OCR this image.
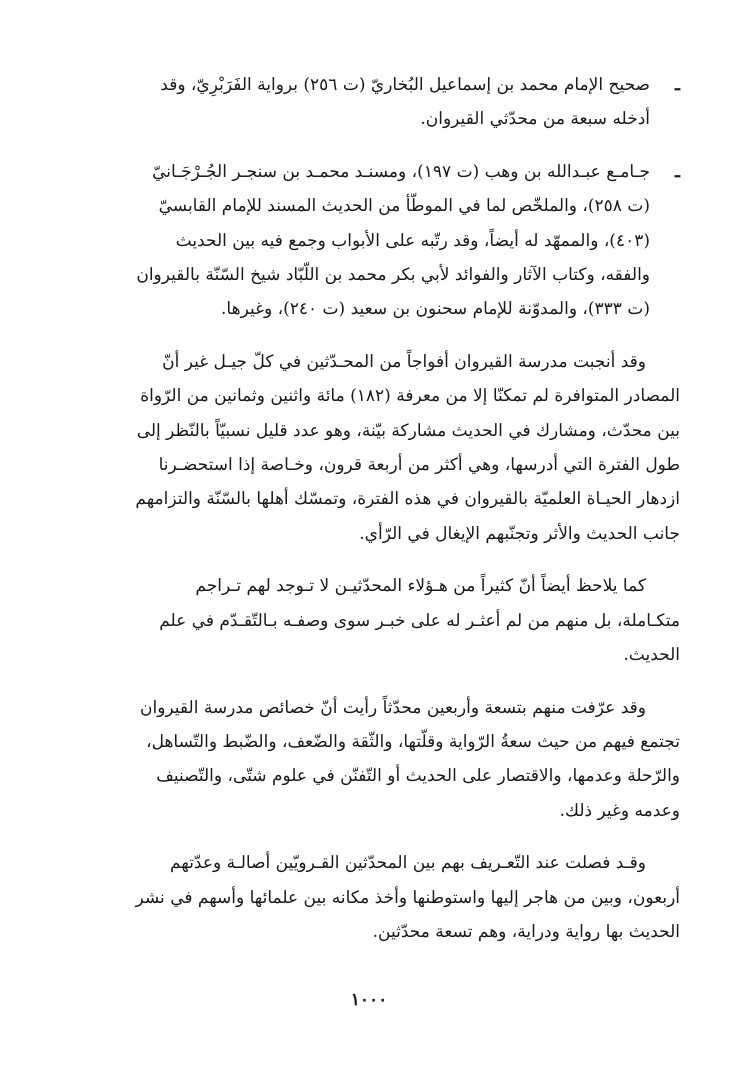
ـ
صحيح الإمام محمد بن إسماعيل البُخاريّ (ت ٢٥٦) برواية الفَرَبْرِيّ، وقد
أدخله سبعة من محدّثي القيروان.
ـ
جـامـع عبـدالله بن وهب (ت ١٩٧)، ومسنـد محمـد بن سنجـر الجُـرْجَـانيّ
(ت ٢٥٨)، والملخّص لما في الموطّأ من الحديث المسند للإمام القابسيّ
(٤٠٣)، والممهّد له أيضاً، وقد رتّبه على الأبواب وجمع فيه بين الحديث
والفقه، وكتاب الآثار والفوائد لأبي بكر محمد بن اللّبّاد شيخ السّنّة بالقيروان
(ت ٣٣٣)، والمدوّنة للإمام سحنون بن سعيد (ت ٢٤٠)، وغيرها.
وقد أنجبت مدرسة القيروان أفواجاً من المحـدّثين في كلّ جيـل غير أنّ
المصادر المتوافرة لم تمكنّا إلا من معرفة (١٨٢) مائة واثنين وثمانين من الرّواة
بين محدّث، ومشارك في الحديث مشاركة بيّنة، وهو عدد قليل نسبيّاً بالنّظر إلى
طول الفترة التي أدرسها، وهي أكثر من أربعة قرون، وخـاصة إذا استحضـرنا
ازدهار الحيـاة العلميّة بالقيروان في هذه الفترة، وتمسّك أهلها بالسّنّة والتزامهم
جانب الحديث والأثر وتجنّبهم الإيغال في الرّأي.
كما يلاحظ أيضاً أنّ كثيراً من هـؤلاء المحدّثيـن لا تـوجد لهم تـراجم
متكـاملة، بل منهم من لم أعثـر له على خبـر سوى وصفـه بـالتّقـدّم في علم
الحديث.
وقد عرّفت منهم بتسعة وأربعين محدّثاً رأيت أنّ خصائص مدرسة القيروان
تجتمع فيهم من حيث سعةُ الرّواية وقلّتها، والثّقة والضّعف، والضّبط والتّساهل،
والرّحلة وعدمها، والاقتصار على الحديث أو التّفنّن في علوم شتّى، والتّصنيف
وعدمه وغير ذلك.
وقـد فصلت عند التّعـريف بهم بين المحدّثين القـرويّين أصالـة وعدّتهم
أربعون، وبين من هاجر إليها واستوطنها وأخذ مكانه بين علمائها وأسهم في نشر
الحديث بها رواية ودراية، وهم تسعة محدّثين.
١٠٠٠
